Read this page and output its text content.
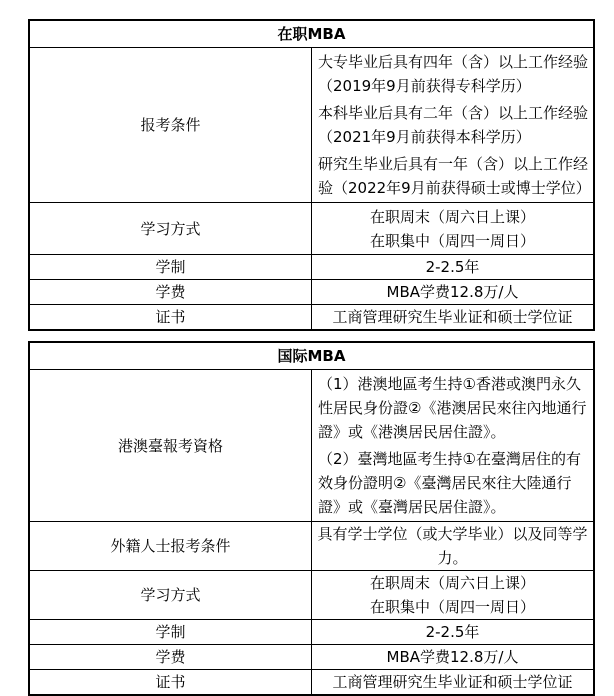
在职MBA	
报考条件	大专毕业后具有四年（含）以上工作经验（2019年9月前获得专科学历）
本科毕业后具有二年（含）以上工作经验（2021年9月前获得本科学历）
研究生毕业后具有一年（含）以上工作经验（2022年9月前获得硕士或博士学位）

学习方式	在职周末（周六日上课）
在职集中（周四一周日）

学制	2-2.5年
学费	MBA学费12.8万/人
证书	工商管理研究生毕业证和硕士学位证
国际MBA	
港澳臺報考資格	（1）港澳地區考生持①香港或澳門永久性居民身份證②《港澳居民來往內地通行證》或《港澳居民居住證》。
（2）臺灣地區考生持①在臺灣居住的有效身份證明②《臺灣居民來往大陸通行證》或《臺灣居民居住證》。

外籍人士报考条件	具有学士学位（或大学毕业）以及同等学力。
学习方式	在职周末（周六日上课）
在职集中（周四一周日）

学制	2-2.5年
学费	MBA学费12.8万/人
证书	工商管理研究生毕业证和硕士学位证
